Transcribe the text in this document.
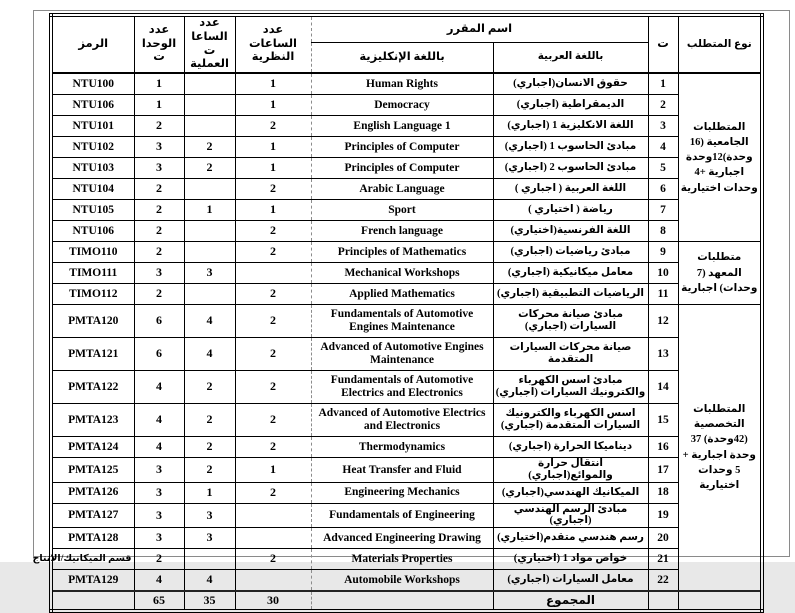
الرمز	عدد الوحدات	عدد الساعات العملية	عدد الساعات النظرية	اسم المقرر		ت	نوع المتطلب
				باللغة الإنكليزية	باللغة العربية		
NTU100	1		1	Human Rights	حقوق الانسان(اجباري)	1	المتطلبات الجامعية (16 وحدة)12وحدة اجبارية +4 وحدات اختيارية
NTU106	1		1	Democracy	الديمقراطية (اجباري)	2	
NTU101	2		2	English Language 1	اللغة الانكليزية 1 (اجباري)	3	
NTU102	3	2	1	Principles of Computer	مبادئ الحاسوب 1 (اجباري)	4	
NTU103	3	2	1	Principles of Computer	مبادئ الحاسوب 2 (اجباري)	5	
NTU104	2		2	Arabic Language	اللغة العربية ( اجباري )	6	
NTU105	2	1	1	Sport	رياضة ( اختياري )	7	
NTU106	2		2	French language	اللغة الفرنسية(اختياري)	8	
TIMO110	2		2	Principles of Mathematics	مبادئ رياضيات (اجباري)	9	متطلبات المعهد (7 وحدات) اجبارية
TIMO111	3	3		Mechanical Workshops	معامل ميكانيكية (اجباري)	10	
TIMO112	2		2	Applied Mathematics	الرياضيات التطبيقية (اجباري)	11	
PMTA120	6	4	2	Fundamentals of Automotive Engines Maintenance	مبادئ صيانة محركات السيارات (اجباري)	12	المتطلبات التخصصية (42وحدة) 37 وحدة اجبارية + 5 وحدات اختيارية
PMTA121	6	4	2	Advanced of Automotive Engines Maintenance	صيانة محركات السيارات المتقدمة	13	
PMTA122	4	2	2	Fundamentals of Automotive Electrics and Electronics	مبادئ اسس الكهرباء والكترونيك السيارات (اجباري)	14	
PMTA123	4	2	2	Advanced of Automotive Electrics and Electronics	اسس الكهرباء والكترونيك السيارات المتقدمة (اجباري)	15	
PMTA124	4	2	2	Thermodynamics	ديناميكا الحرارة (اجباري)	16	
PMTA125	3	2	1	Heat Transfer and Fluid	انتقال حرارة والموائع(اجباري)	17	
PMTA126	3	1	2	Engineering Mechanics	الميكانيك الهندسي(اجباري)	18	
PMTA127	3	3		Fundamentals of Engineering	مبادئ الرسم الهندسي (اجباري)	19	
PMTA128	3	3		Advanced Engineering Drawing	رسم هندسي متقدم(اختياري)	20	
قسم الميكانيك/الانتاج	2		2	Materials Properties	خواص مواد 1 (اختياري)	21	
PMTA129	4	4		Automobile Workshops	معامل السيارات (اجباري)	22	
	65	35	30		المجموع		
